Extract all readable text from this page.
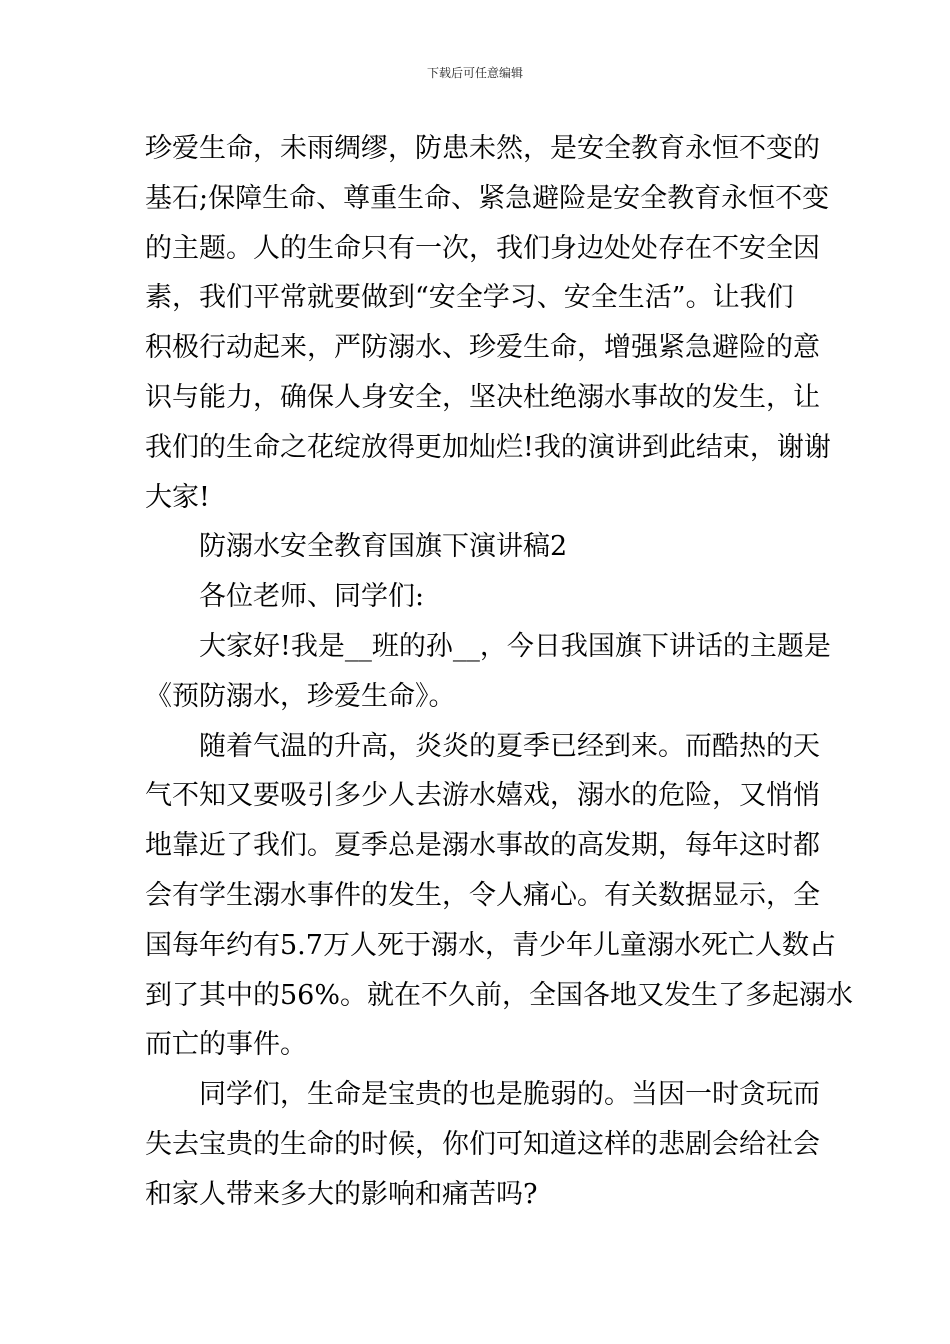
下载后可任意编辑
珍爱生命，未雨绸缪，防患未然，是安全教育永恒不变的
基石;保障生命、尊重生命、紧急避险是安全教育永恒不变
的主题。人的生命只有一次，我们身边处处存在不安全因
素，我们平常就要做到“安全学习、安全生活”。让我们
积极行动起来，严防溺水、珍爱生命，增强紧急避险的意
识与能力，确保人身安全，坚决杜绝溺水事故的发生，让
我们的生命之花绽放得更加灿烂!我的演讲到此结束，谢谢
大家!
防溺水安全教育国旗下演讲稿2
各位老师、同学们:
大家好!我是__班的孙__，今日我国旗下讲话的主题是
《预防溺水，珍爱生命》。
随着气温的升高，炎炎的夏季已经到来。而酷热的天
气不知又要吸引多少人去游水嬉戏，溺水的危险，又悄悄
地靠近了我们。夏季总是溺水事故的高发期，每年这时都
会有学生溺水事件的发生，令人痛心。有关数据显示，全
国每年约有5.7万人死于溺水，青少年儿童溺水死亡人数占
到了其中的56%。就在不久前，全国各地又发生了多起溺水
而亡的事件。
同学们，生命是宝贵的也是脆弱的。当因一时贪玩而
失去宝贵的生命的时候，你们可知道这样的悲剧会给社会
和家人带来多大的影响和痛苦吗?
